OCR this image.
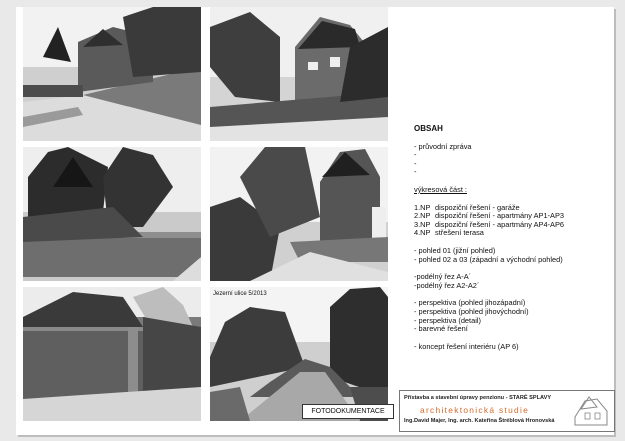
Jezerní ulice 5/2013
OBSAH
- průvodní zpráva
-
-
-
výkresová část :
1.NP dispoziční řešení - garáže
2.NP dispoziční řešení - apartmány AP1-AP3
3.NP dispoziční řešení - apartmány AP4-AP6
4.NP střešení terasa
- pohled 01 (jižní pohled)
- pohled 02 a 03 (západní a východní pohled)
-podélný řez A-A´
-podélný řez A2-A2´
- perspektiva (pohled jihozápadní)
- perspektiva (pohled jihovýchodní)
- perspektiva (detail)
- barevné řešení
- koncept řešení interiéru (AP 6)
FOTODOKUMENTACE
Přístavba a stavební úpravy penzionu - STARÉ SPLAVY
architektonická studie
Ing.David Majer, Ing. arch. Kateřina Štréblová Hronovská
